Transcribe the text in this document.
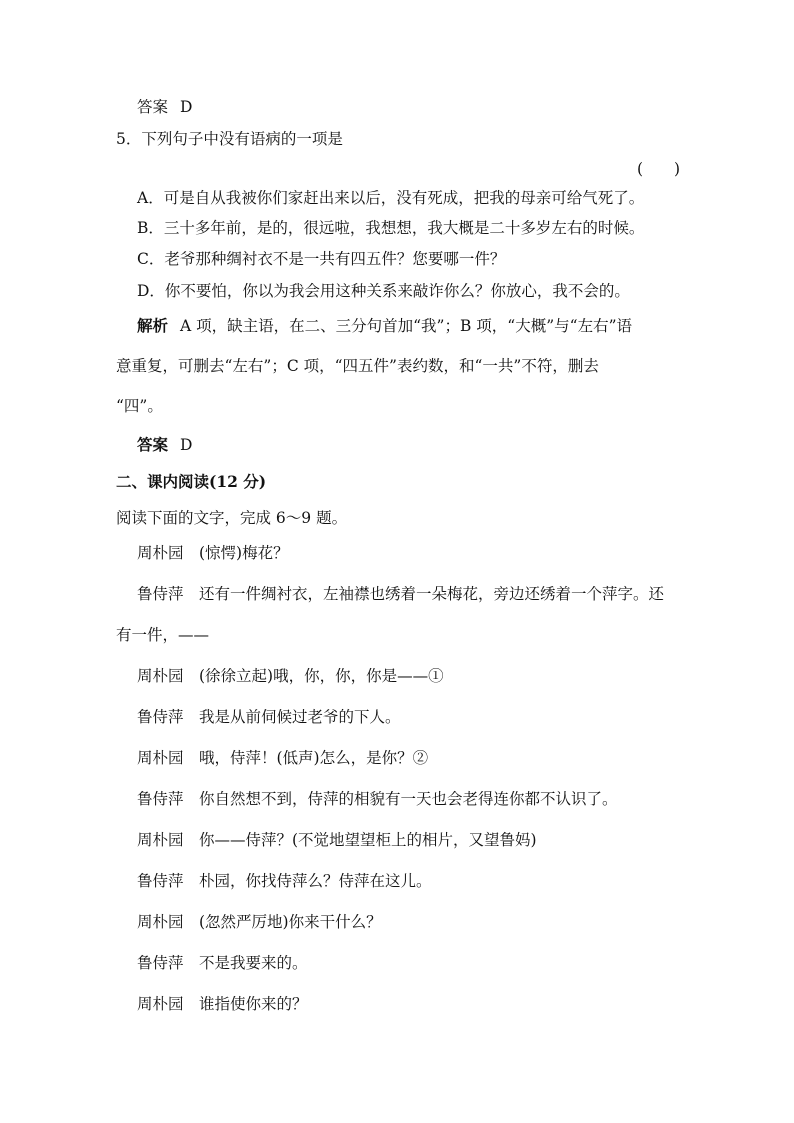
答案 D
5．下列句子中没有语病的一项是
(　　)
A．可是自从我被你们家赶出来以后，没有死成，把我的母亲可给气死了。
B．三十多年前，是的，很远啦，我想想，我大概是二十多岁左右的时候。
C．老爷那种绸衬衣不是一共有四五件？您要哪一件？
D．你不要怕，你以为我会用这种关系来敲诈你么？你放心，我不会的。
解析 A 项，缺主语，在二、三分句首加“我”；B 项，“大概”与“左右”语
意重复，可删去“左右”；C 项，“四五件”表约数，和“一共”不符，删去
“四”。
答案 D
二、课内阅读(12 分)
阅读下面的文字，完成 6～9 题。
周朴园 (惊愕)梅花？
鲁侍萍 还有一件绸衬衣，左袖襟也绣着一朵梅花，旁边还绣着一个萍字。还
有一件，——
周朴园 (徐徐立起)哦，你，你，你是——①
鲁侍萍 我是从前伺候过老爷的下人。
周朴园 哦，侍萍！(低声)怎么，是你？②
鲁侍萍 你自然想不到，侍萍的相貌有一天也会老得连你都不认识了。
周朴园 你——侍萍？(不觉地望望柜上的相片，又望鲁妈)
鲁侍萍 朴园，你找侍萍么？侍萍在这儿。
周朴园 (忽然严厉地)你来干什么？
鲁侍萍 不是我要来的。
周朴园 谁指使你来的？
